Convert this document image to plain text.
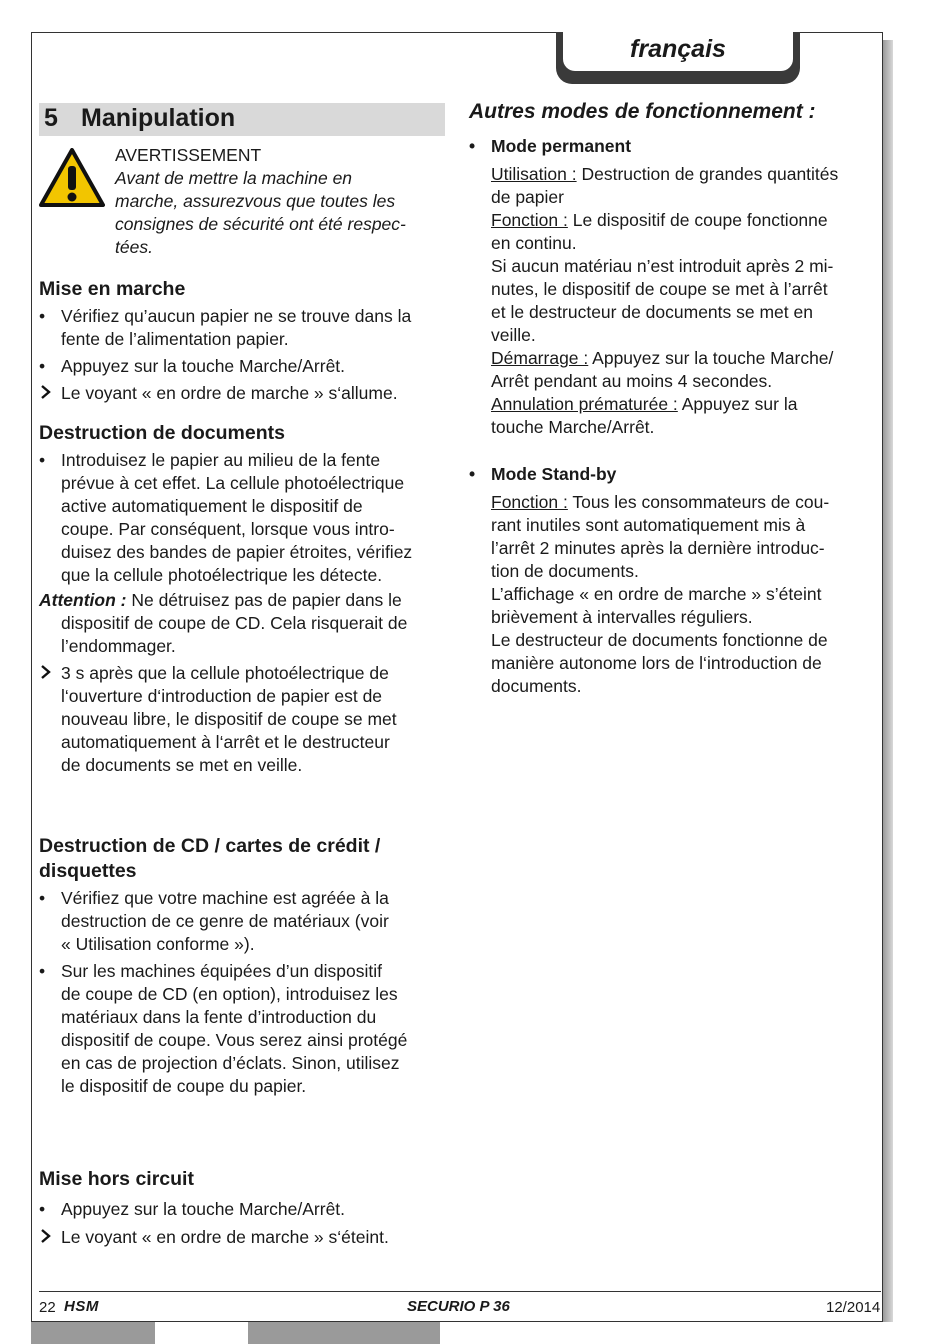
français
5 Manipulation
AVERTISSEMENT
Avant de mettre la machine en
marche, assurezvous que toutes les
consignes de sécurité ont été respec-
tées.
Mise en marche
• Vérifiez qu’aucun papier ne se trouve dans la
fente de l’alimentation papier.
• Appuyez sur la touche Marche/Arrêt.
Le voyant « en ordre de marche » s‘allume.
Destruction de documents
• Introduisez le papier au milieu de la fente
prévue à cet effet. La cellule photoélectrique
active automatiquement le dispositif de
coupe. Par conséquent, lorsque vous intro-
duisez des bandes de papier étroites, vérifiez
que la cellule photoélectrique les détecte.
Attention : Ne détruisez pas de papier dans le
dispositif de coupe de CD. Cela risquerait de
l’endommager.
3 s après que la cellule photoélectrique de
l‘ouverture d‘introduction de papier est de
nouveau libre, le dispositif de coupe se met
automatiquement à l‘arrêt et le destructeur
de documents se met en veille.
Destruction de CD / cartes de crédit /
disquettes
• Vérifiez que votre machine est agréée à la
destruction de ce genre de matériaux (voir
« Utilisation conforme »).
• Sur les machines équipées d’un dispositif
de coupe de CD (en option), introduisez les
matériaux dans la fente d’introduction du
dispositif de coupe. Vous serez ainsi protégé
en cas de projection d’éclats. Sinon, utilisez
le dispositif de coupe du papier.
Mise hors circuit
• Appuyez sur la touche Marche/Arrêt.
Le voyant « en ordre de marche » s‘éteint.
Autres modes de fonctionnement :
• Mode permanent
Utilisation : Destruction de grandes quantités
de papier
Fonction : Le dispositif de coupe fonctionne
en continu.
Si aucun matériau n’est introduit après 2 mi-
nutes, le dispositif de coupe se met à l’arrêt
et le destructeur de documents se met en
veille.
Démarrage : Appuyez sur la touche Marche/
Arrêt pendant au moins 4 secondes.
Annulation prématurée : Appuyez sur la
touche Marche/Arrêt.
• Mode Stand-by
Fonction : Tous les consommateurs de cou-
rant inutiles sont automatiquement mis à
l’arrêt 2 minutes après la dernière introduc-
tion de documents.
L’affichage « en ordre de marche » s’éteint
brièvement à intervalles réguliers.
Le destructeur de documents fonctionne de
manière autonome lors de l‘introduction de
documents.
22 HSM	SECURIO P 36	12/2014
